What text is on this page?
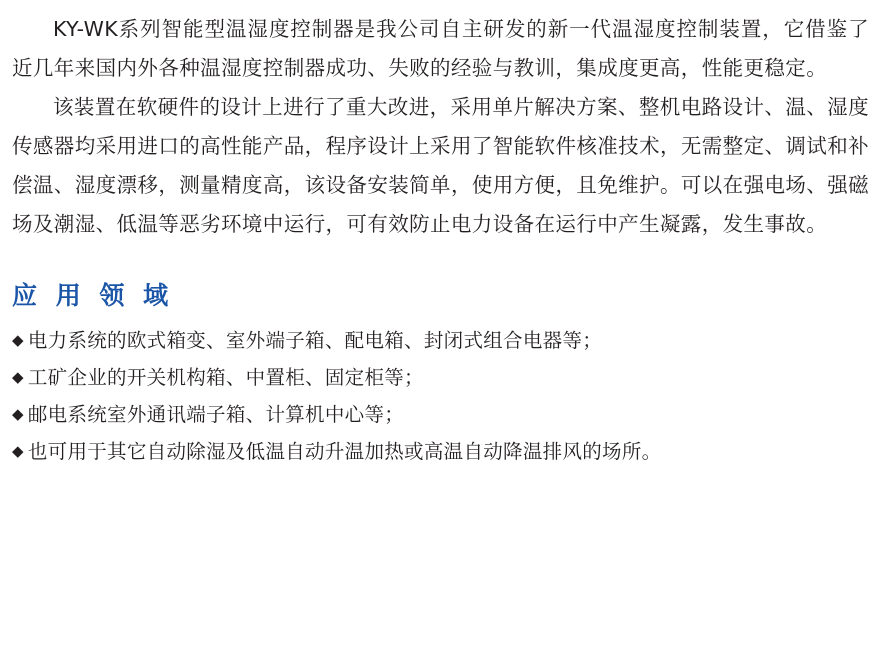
KY-WK系列智能型温湿度控制器是我公司自主研发的新一代温湿度控制装置，它借鉴了近几年来国内外各种温湿度控制器成功、失败的经验与教训，集成度更高，性能更稳定。

该装置在软硬件的设计上进行了重大改进，采用单片解决方案、整机电路设计、温、湿度传感器均采用进口的高性能产品，程序设计上采用了智能软件核准技术，无需整定、调试和补偿温、湿度漂移，测量精度高，该设备安装简单，使用方便，且免维护。可以在强电场、强磁场及潮湿、低温等恶劣环境中运行，可有效防止电力设备在运行中产生凝露，发生事故。

应 用 领 域
◆ 电力系统的欧式箱变、室外端子箱、配电箱、封闭式组合电器等；
◆ 工矿企业的开关机构箱、中置柜、固定柜等；
◆ 邮电系统室外通讯端子箱、计算机中心等；
◆ 也可用于其它自动除湿及低温自动升温加热或高温自动降温排风的场所。
